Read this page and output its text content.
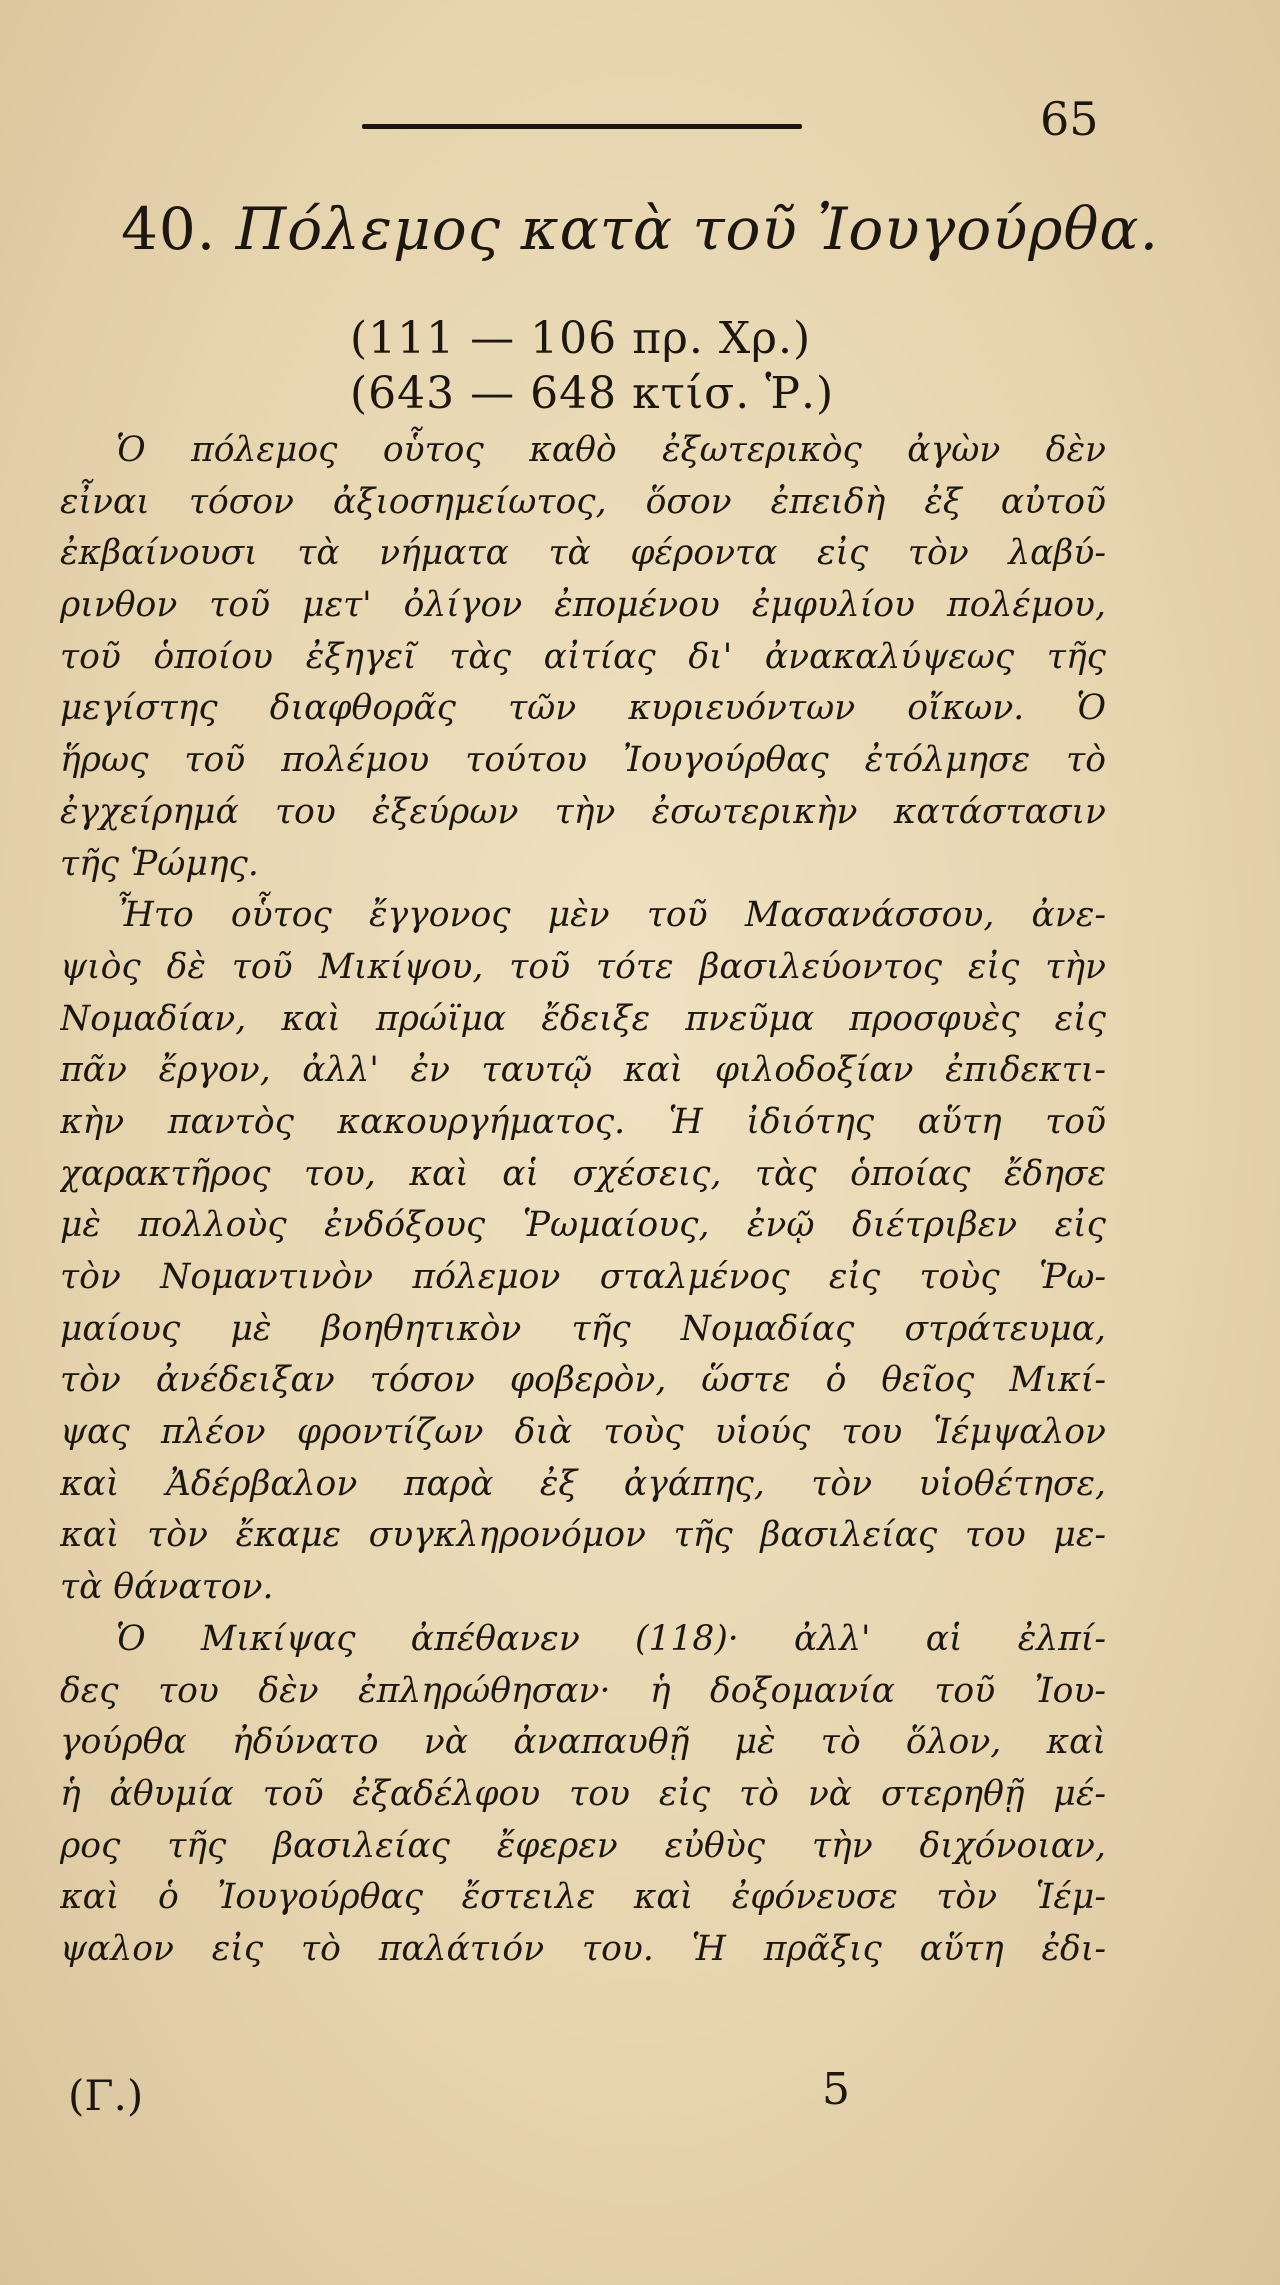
65
40. Πόλεμος κατὰ τοῦ Ἰουγούρθα.
(111 — 106 πρ. Χρ.)
(643 — 648 κτίσ. Ῥ.)
Ὁ πόλεμος οὗτος καθὸ ἐξωτερικὸς ἀγὼν δὲν
εἶναι τόσον ἀξιοσημείωτος, ὅσον ἐπειδὴ ἐξ αὐτοῦ
ἐκβαίνουσι τὰ νήματα τὰ φέροντα εἰς τὸν λαβύ-
ρινθον τοῦ μετ' ὀλίγον ἐπομένου ἐμφυλίου πολέμου,
τοῦ ὁποίου ἐξηγεῖ τὰς αἰτίας δι' ἀνακαλύψεως τῆς
μεγίστης διαφθορᾶς τῶν κυριευόντων οἴκων. Ὁ
ἥρως τοῦ πολέμου τούτου Ἰουγούρθας ἐτόλμησε τὸ
ἐγχείρημά του ἐξεύρων τὴν ἐσωτερικὴν κατάστασιν
τῆς Ῥώμης.
Ἦτο οὗτος ἔγγονος μὲν τοῦ Μασανάσσου, ἀνε-
ψιὸς δὲ τοῦ Μικίψου, τοῦ τότε βασιλεύοντος εἰς τὴν
Νομαδίαν, καὶ πρώϊμα ἔδειξε πνεῦμα προσφυὲς εἰς
πᾶν ἔργον, ἀλλ' ἐν ταυτῷ καὶ φιλοδοξίαν ἐπιδεκτι-
κὴν παντὸς κακουργήματος. Ἡ ἰδιότης αὕτη τοῦ
χαρακτῆρος του, καὶ αἱ σχέσεις, τὰς ὁποίας ἔδησε
μὲ πολλοὺς ἐνδόξους Ῥωμαίους, ἐνῷ διέτριβεν εἰς
τὸν Νομαντινὸν πόλεμον σταλμένος εἰς τοὺς Ῥω-
μαίους μὲ βοηθητικὸν τῆς Νομαδίας στράτευμα,
τὸν ἀνέδειξαν τόσον φοβερὸν, ὥστε ὁ θεῖος Μικί-
ψας πλέον φροντίζων διὰ τοὺς υἱούς του Ἱέμψαλον
καὶ Ἀδέρβαλον παρὰ ἐξ ἀγάπης, τὸν υἱοθέτησε,
καὶ τὸν ἔκαμε συγκληρονόμον τῆς βασιλείας του με-
τὰ θάνατον.
Ὁ Μικίψας ἀπέθανεν (118)· ἀλλ' αἱ ἐλπί-
δες του δὲν ἐπληρώθησαν· ἡ δοξομανία τοῦ Ἰου-
γούρθα ἠδύνατο νὰ ἀναπαυθῇ μὲ τὸ ὅλον, καὶ
ἡ ἀθυμία τοῦ ἐξαδέλφου του εἰς τὸ νὰ στερηθῇ μέ-
ρος τῆς βασιλείας ἔφερεν εὐθὺς τὴν διχόνοιαν,
καὶ ὁ Ἰουγούρθας ἔστειλε καὶ ἐφόνευσε τὸν Ἱέμ-
ψαλον εἰς τὸ παλάτιόν του. Ἡ πρᾶξις αὕτη ἐδι-
(Γ.)	5
